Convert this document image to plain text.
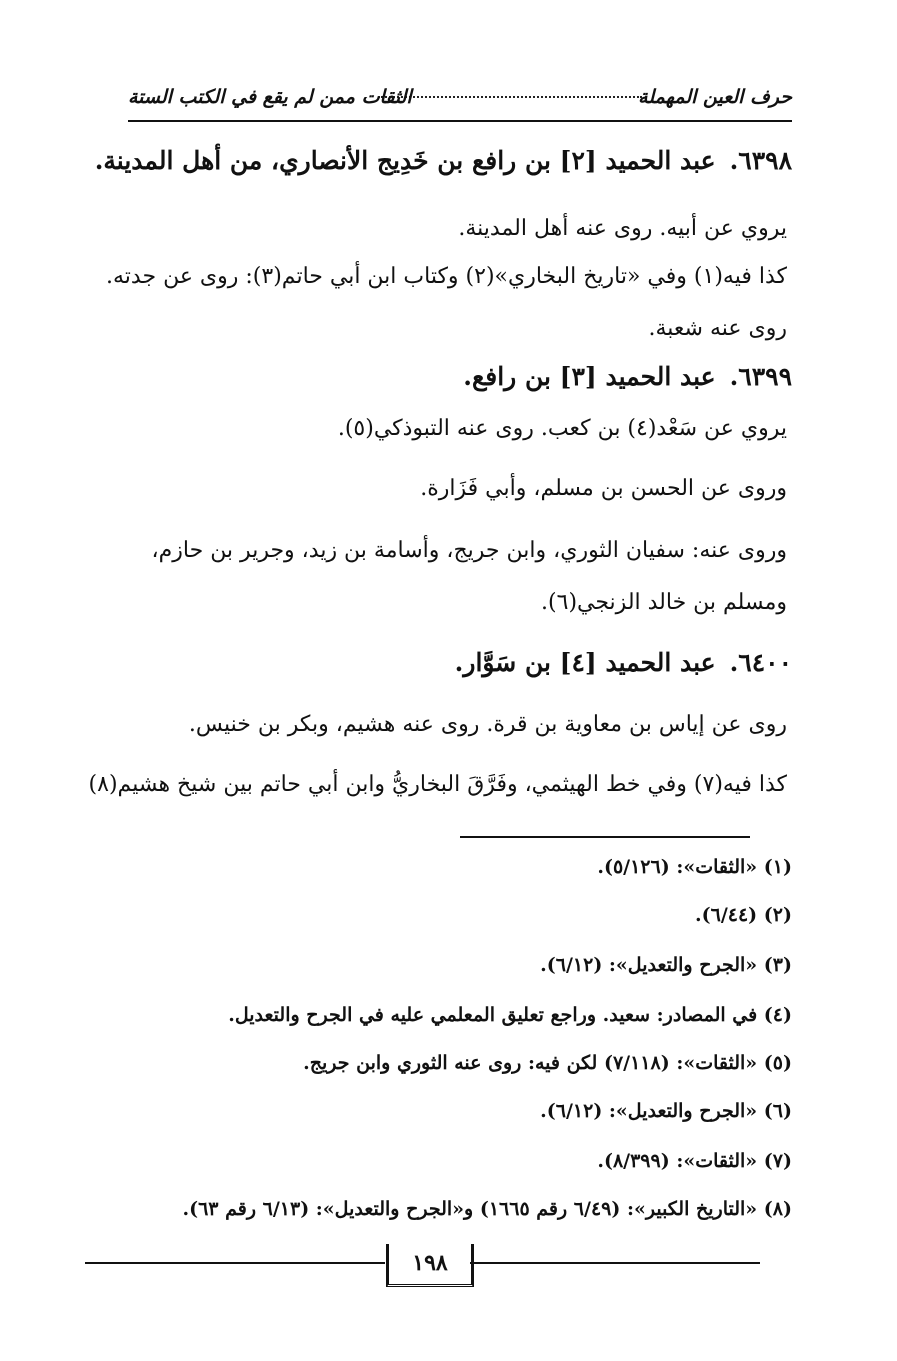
حرف العين المهملة
الثقات ممن لم يقع في الكتب الستة
٦٣٩٨.عبد الحميد [٢] بن رافع بن خَدِيج الأنصاري، من أهل المدينة.
يروي عن أبيه. روى عنه أهل المدينة.
كذا فيه(١) وفي «تاريخ البخاري»(٢) وكتاب ابن أبي حاتم(٣): روى عن جدته.
روى عنه شعبة.
٦٣٩٩.عبد الحميد [٣] بن رافع.
يروي عن سَعْد(٤) بن كعب. روى عنه التبوذكي(٥).
وروى عن الحسن بن مسلم، وأبي فَزَارة.
وروى عنه: سفيان الثوري، وابن جريج، وأسامة بن زيد، وجرير بن حازم،
ومسلم بن خالد الزنجي(٦).
٦٤٠٠.عبد الحميد [٤] بن سَوَّار.
روى عن إياس بن معاوية بن قرة. روى عنه هشيم، وبكر بن خنيس.
كذا فيه(٧) وفي خط الهيثمي، وفَرَّقَ البخاريُّ وابن أبي حاتم بين شيخ هشيم(٨)
(١) «الثقات»: (٥/١٢٦).
(٢) (٦/٤٤).
(٣) «الجرح والتعديل»: (٦/١٢).
(٤) في المصادر: سعيد. وراجع تعليق المعلمي عليه في الجرح والتعديل.
(٥) «الثقات»: (٧/١١٨) لكن فيه: روى عنه الثوري وابن جريج.
(٦) «الجرح والتعديل»: (٦/١٢).
(٧) «الثقات»: (٨/٣٩٩).
(٨) «التاريخ الكبير»: (٦/٤٩ رقم ١٦٦٥) و«الجرح والتعديل»: (٦/١٣ رقم ٦٣).
١٩٨
